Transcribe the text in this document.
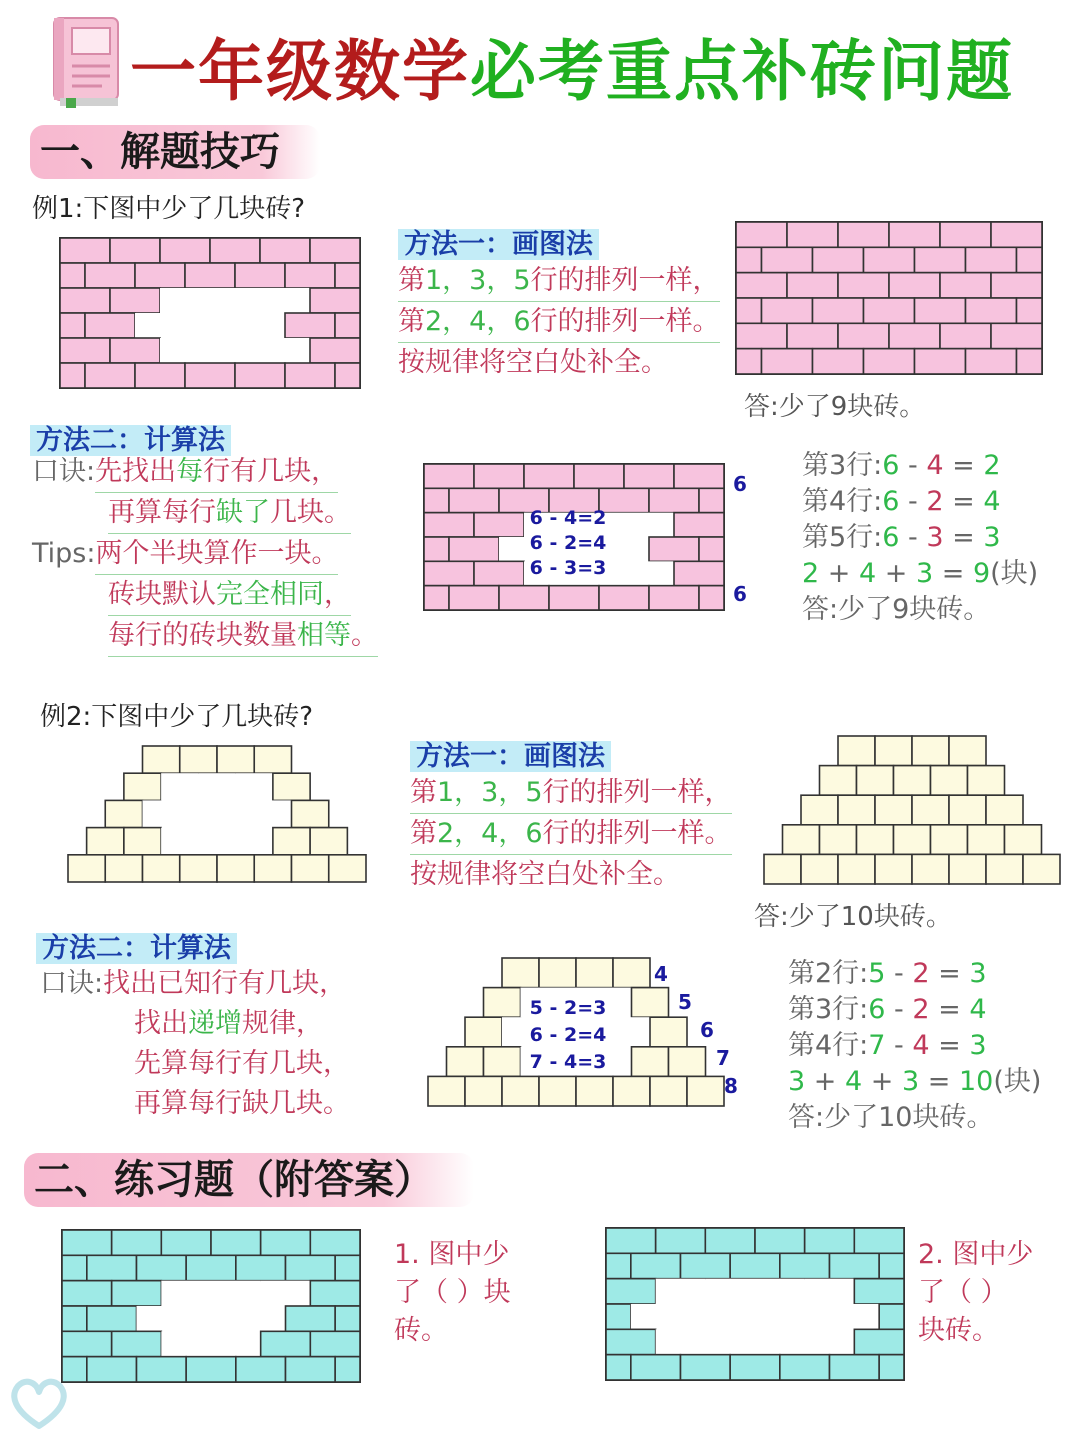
一年级数学必考重点补砖问题
一、解题技巧
例1:下图中少了几块砖?
方法一：画图法
第1，3，5行的排列一样，
第2，4，6行的排列一样。
按规律将空白处补全。
答:少了9块砖。
方法二：计算法
口诀:先找出每行有几块，
再算每行缺了几块。
Tips:两个半块算作一块。
砖块默认完全相同，
每行的砖块数量相等。
6 - 4=2
6 - 2=4
6 - 3=3
6
6
第3行:6 - 4 = 2
第4行:6 - 2 = 4
第5行:6 - 3 = 3
2 + 4 + 3 = 9(块)
答:少了9块砖。
例2:下图中少了几块砖?
方法一：画图法
第1，3，5行的排列一样，
第2，4，6行的排列一样。
按规律将空白处补全。
答:少了10块砖。
方法二：计算法
口诀:找出已知行有几块，
找出递增规律，
先算每行有几块，
再算每行缺几块。
5 - 2=3
6 - 2=4
7 - 4=3
4
5
6
7
8
第2行:5 - 2 = 3
第3行:6 - 2 = 4
第4行:7 - 4 = 3
3 + 4 + 3 = 10(块)
答:少了10块砖。
二、练习题（附答案）
1. 图中少
了（ ）块
砖。
2. 图中少
了（ ）
块砖。
